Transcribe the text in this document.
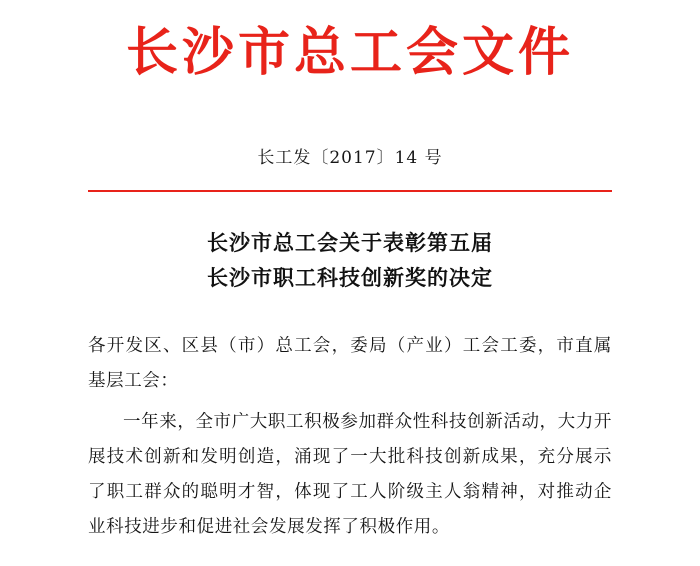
长沙市总工会文件
长工发〔2017〕14 号
长沙市总工会关于表彰第五届
长沙市职工科技创新奖的决定

各开发区、区县（市）总工会，委局（产业）工会工委，市直属基层工会：

一年来，全市广大职工积极参加群众性科技创新活动，大力开展技术创新和发明创造，涌现了一大批科技创新成果，充分展示了职工群众的聪明才智，体现了工人阶级主人翁精神，对推动企业科技进步和促进社会发展发挥了积极作用。
